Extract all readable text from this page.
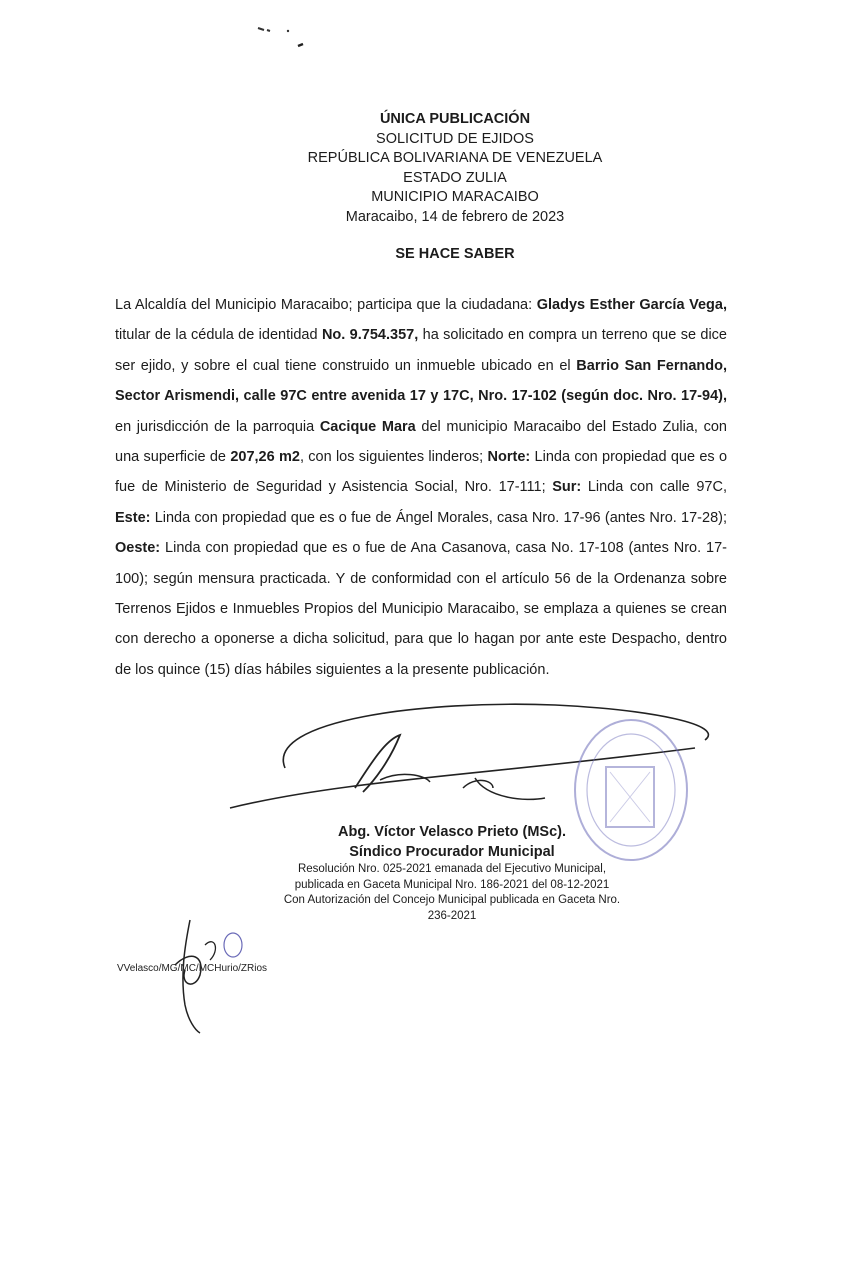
ÚNICA PUBLICACIÓN
SOLICITUD DE EJIDOS
REPÚBLICA BOLIVARIANA DE VENEZUELA
ESTADO ZULIA
MUNICIPIO MARACAIBO
Maracaibo, 14 de febrero de 2023
SE HACE SABER
La Alcaldía del Municipio Maracaibo; participa que la ciudadana: Gladys Esther García Vega, titular de la cédula de identidad No. 9.754.357, ha solicitado en compra un terreno que se dice ser ejido, y sobre el cual tiene construido un inmueble ubicado en el Barrio San Fernando, Sector Arismendi, calle 97C entre avenida 17 y 17C, Nro. 17-102 (según doc. Nro. 17-94), en jurisdicción de la parroquia Cacique Mara del municipio Maracaibo del Estado Zulia, con una superficie de 207,26 m2, con los siguientes linderos; Norte: Linda con propiedad que es o fue de Ministerio de Seguridad y Asistencia Social, Nro. 17-111; Sur: Linda con calle 97C, Este: Linda con propiedad que es o fue de Ángel Morales, casa Nro. 17-96 (antes Nro. 17-28); Oeste: Linda con propiedad que es o fue de Ana Casanova, casa No. 17-108 (antes Nro. 17-100); según mensura practicada. Y de conformidad con el artículo 56 de la Ordenanza sobre Terrenos Ejidos e Inmuebles Propios del Municipio Maracaibo, se emplaza a quienes se crean con derecho a oponerse a dicha solicitud, para que lo hagan por ante este Despacho, dentro de los quince (15) días hábiles siguientes a la presente publicación.
Abg. Víctor Velasco Prieto (MSc).
Síndico Procurador Municipal
Resolución Nro. 025-2021 emanada del Ejecutivo Municipal,
publicada en Gaceta Municipal Nro. 186-2021 del 08-12-2021
Con Autorización del Concejo Municipal publicada en Gaceta Nro.
236-2021
VVelasco/MG/MC/MCHurio/ZRios
